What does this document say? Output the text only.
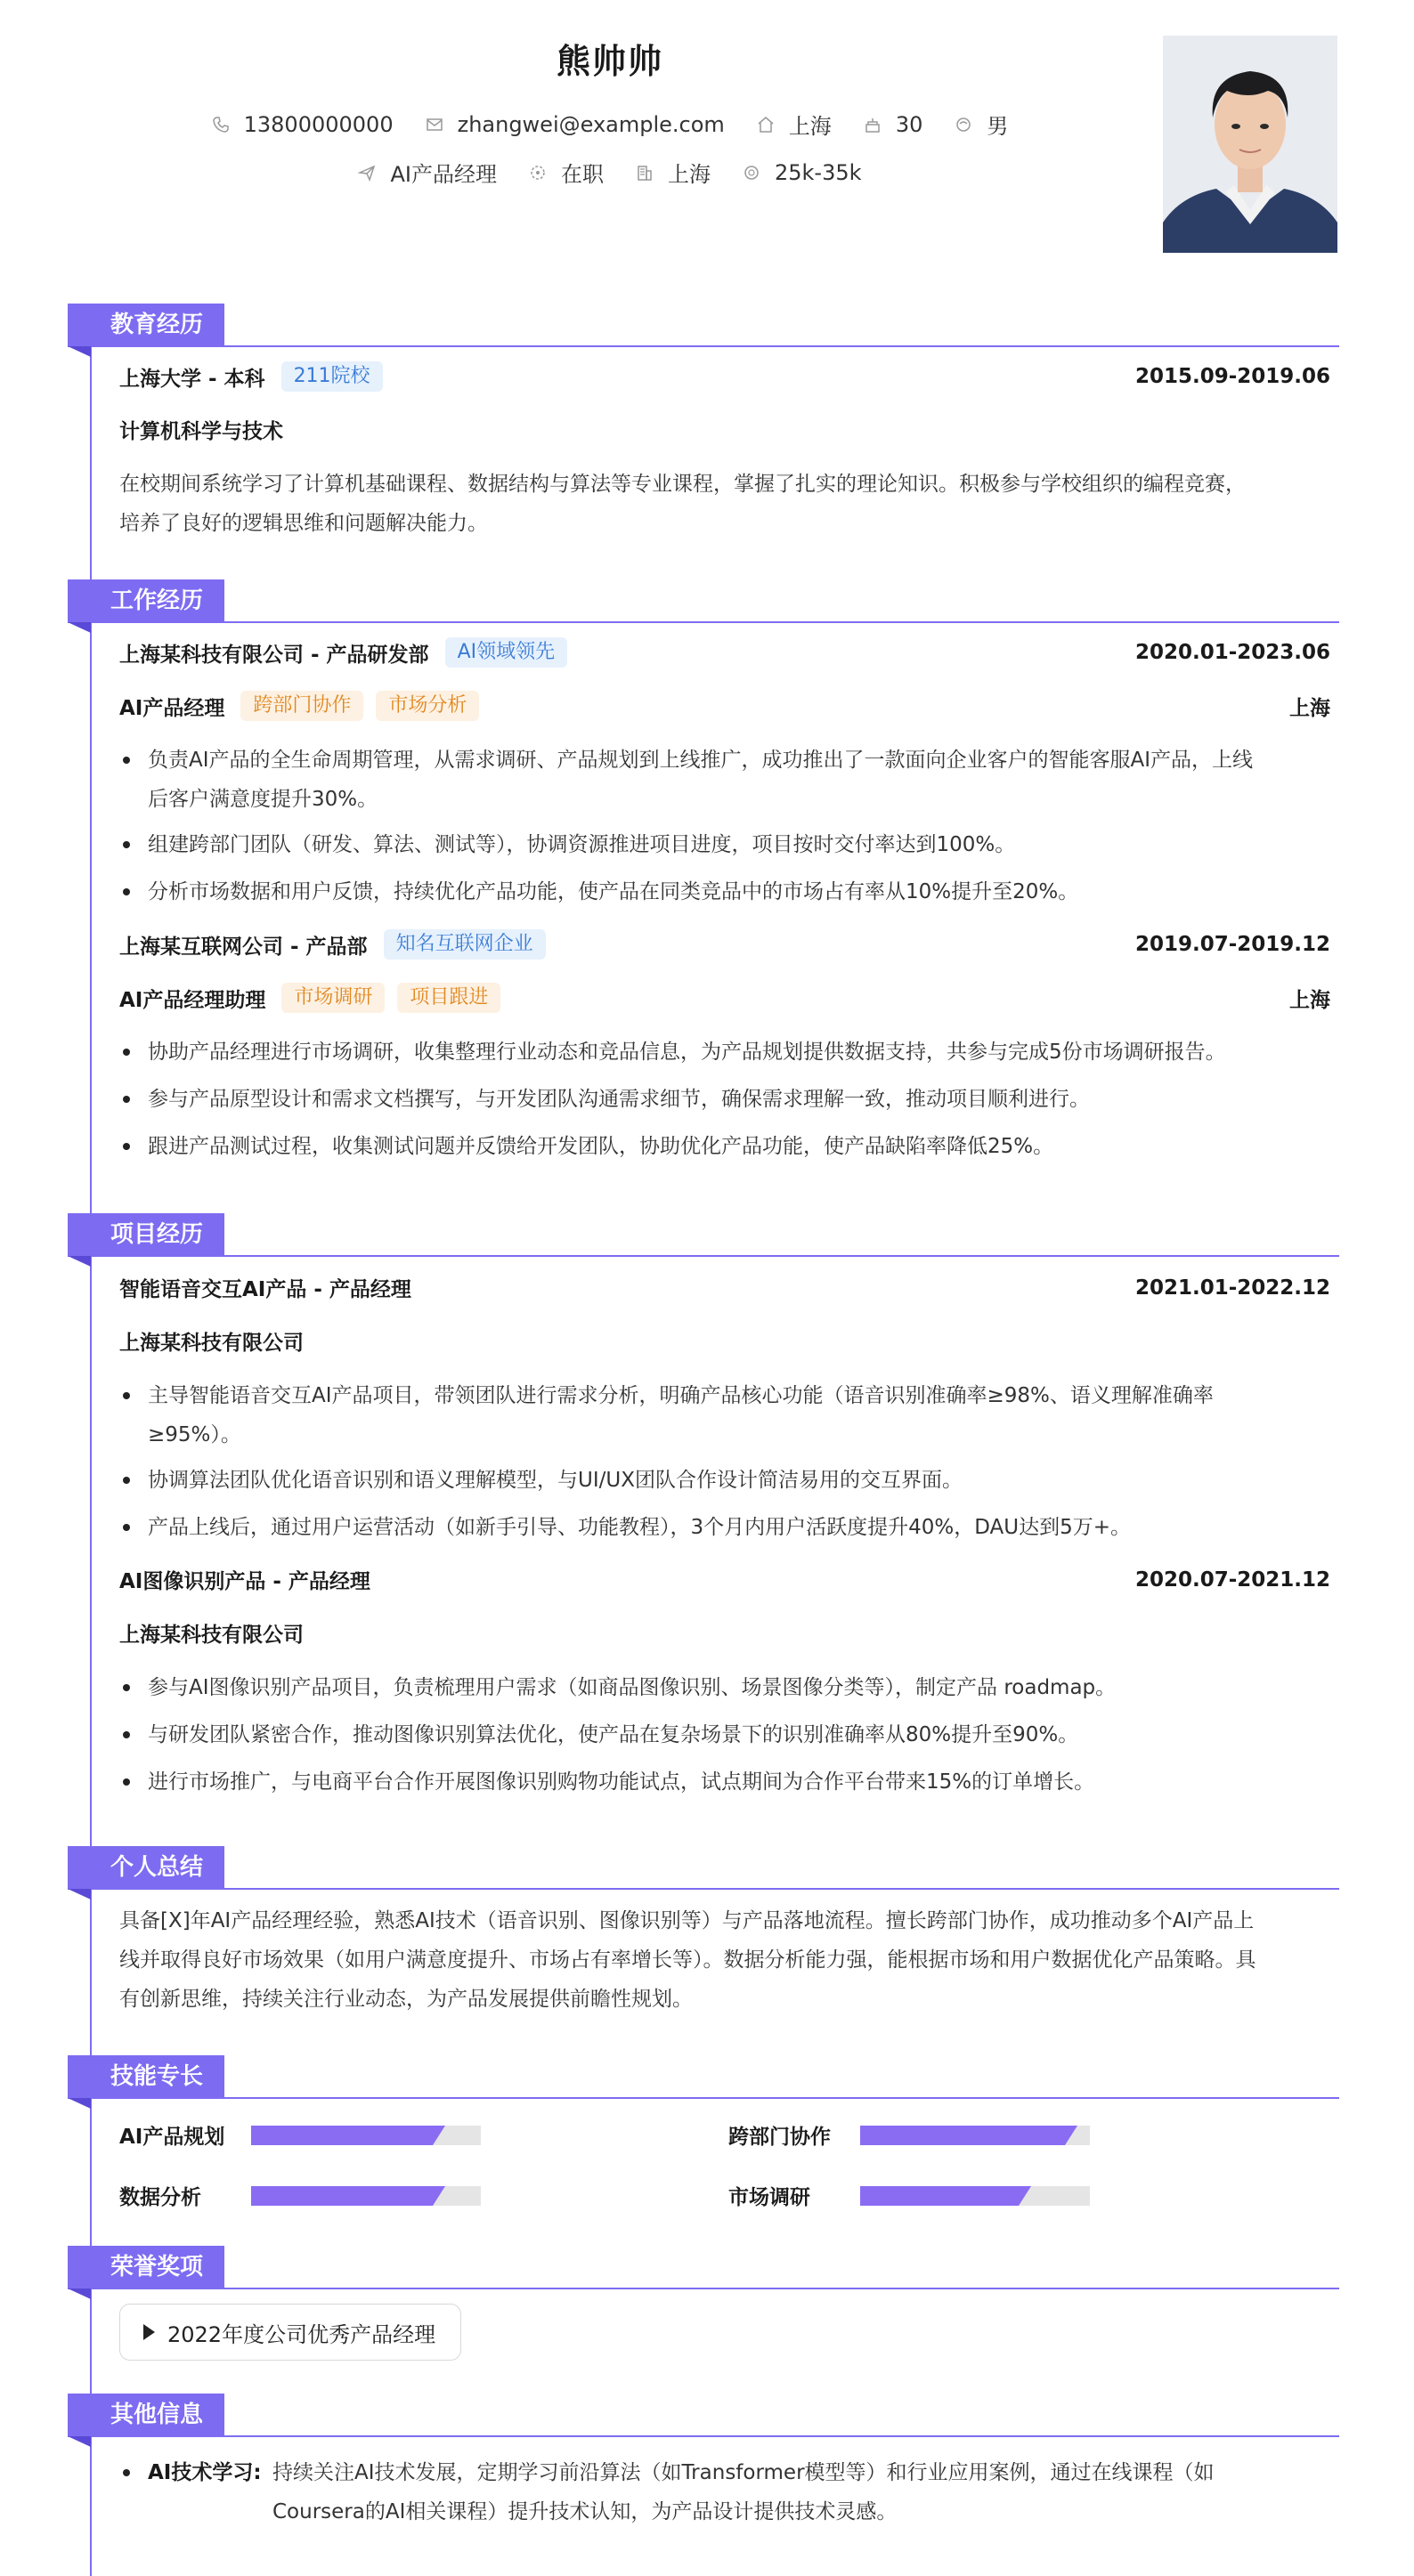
熊帅帅
13800000000	zhangwei@example.com	上海	30	男
AI产品经理	在职	上海	25k-35k
教育经历
上海大学 - 本科	211院校	2015.09-2019.06
计算机科学与技术
在校期间系统学习了计算机基础课程、数据结构与算法等专业课程，掌握了扎实的理论知识。积极参与学校组织的编程竞赛，
培养了良好的逻辑思维和问题解决能力。
工作经历
上海某科技有限公司 - 产品研发部	AI领域领先	2020.01-2023.06
AI产品经理	跨部门协作	市场分析	上海
负责AI产品的全生命周期管理，从需求调研、产品规划到上线推广，成功推出了一款面向企业客户的智能客服AI产品，上线
后客户满意度提升30%。
组建跨部门团队（研发、算法、测试等），协调资源推进项目进度，项目按时交付率达到100%。
分析市场数据和用户反馈，持续优化产品功能，使产品在同类竞品中的市场占有率从10%提升至20%。
上海某互联网公司 - 产品部	知名互联网企业	2019.07-2019.12
AI产品经理助理	市场调研	项目跟进	上海
协助产品经理进行市场调研，收集整理行业动态和竞品信息，为产品规划提供数据支持，共参与完成5份市场调研报告。
参与产品原型设计和需求文档撰写，与开发团队沟通需求细节，确保需求理解一致，推动项目顺利进行。
跟进产品测试过程，收集测试问题并反馈给开发团队，协助优化产品功能，使产品缺陷率降低25%。
项目经历
智能语音交互AI产品 - 产品经理	2021.01-2022.12
上海某科技有限公司
主导智能语音交互AI产品项目，带领团队进行需求分析，明确产品核心功能（语音识别准确率≥98%、语义理解准确率
≥95%）。
协调算法团队优化语音识别和语义理解模型，与UI/UX团队合作设计简洁易用的交互界面。
产品上线后，通过用户运营活动（如新手引导、功能教程），3个月内用户活跃度提升40%，DAU达到5万+。
AI图像识别产品 - 产品经理	2020.07-2021.12
上海某科技有限公司
参与AI图像识别产品项目，负责梳理用户需求（如商品图像识别、场景图像分类等），制定产品 roadmap。
与研发团队紧密合作，推动图像识别算法优化，使产品在复杂场景下的识别准确率从80%提升至90%。
进行市场推广，与电商平台合作开展图像识别购物功能试点，试点期间为合作平台带来15%的订单增长。
个人总结
具备[X]年AI产品经理经验，熟悉AI技术（语音识别、图像识别等）与产品落地流程。擅长跨部门协作，成功推动多个AI产品上
线并取得良好市场效果（如用户满意度提升、市场占有率增长等）。数据分析能力强，能根据市场和用户数据优化产品策略。具
有创新思维，持续关注行业动态，为产品发展提供前瞻性规划。
技能专长
AI产品规划	跨部门协作
数据分析	市场调研
荣誉奖项
2022年度公司优秀产品经理
其他信息
AI技术学习: 持续关注AI技术发展，定期学习前沿算法（如Transformer模型等）和行业应用案例，通过在线课程（如
Coursera的AI相关课程）提升技术认知，为产品设计提供技术灵感。
